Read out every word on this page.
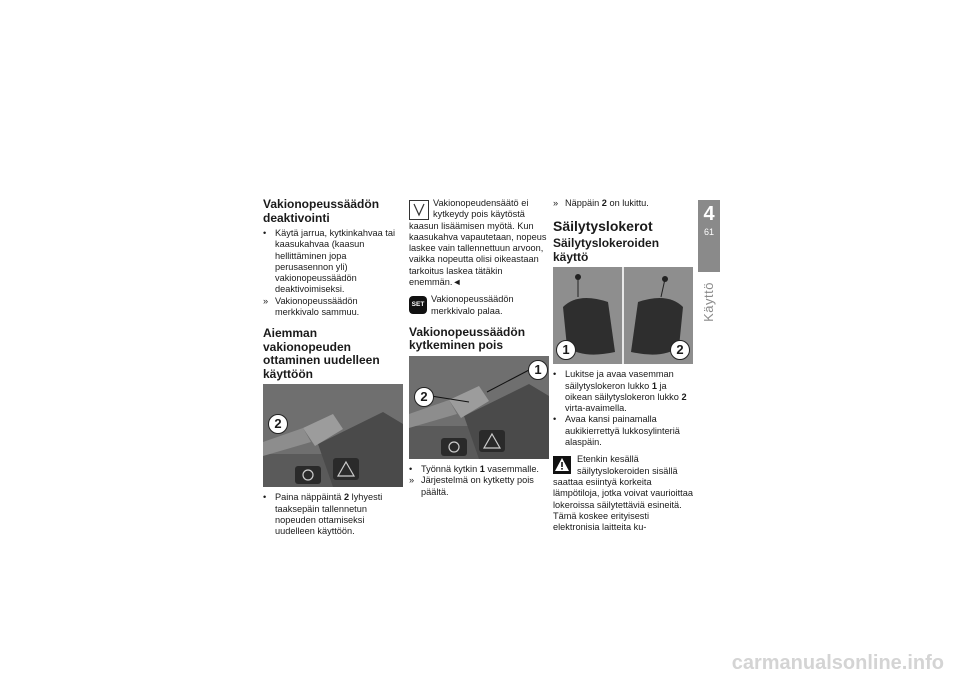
Vakionopeussäädön deaktivointi
• Käytä jarrua, kytkinkahvaa tai kaasukahvaa (kaasun hellittäminen jopa perusasennon yli) vakionopeussäädön deaktivoimiseksi.
» Vakionopeussäädön merkkivalo sammuu.
Aiemman vakionopeuden ottaminen uudelleen käyttöön
2
• Paina näppäintä 2 lyhyesti taaksepäin tallennetun nopeuden ottamiseksi uudelleen käyttöön.
Vakionopeudensäätö ei kytkeydy pois käytöstä kaasun lisäämisen myötä. Kun kaasukahva vapautetaan, nopeus laskee vain tallennettuun arvoon, vaikka nopeutta olisi oikeastaan tarkoitus laskea tätäkin enemmän.◄
SET
Vakionopeussäädön merkkivalo palaa.
Vakionopeussäädön kytkeminen pois
1
2
• Työnnä kytkin 1 vasemmalle.
» Järjestelmä on kytketty pois päältä.
» Näppäin 2 on lukittu.
Säilytyslokerot
Säilytyslokeroiden käyttö
1	2
• Lukitse ja avaa vasemman säilytyslokeron lukko 1 ja oikean säilytyslokeron lukko 2 virta-avaimella.
• Avaa kansi painamalla aukikierrettyä lukkosylinteriä alaspäin.
Etenkin kesällä säilytyslokeroiden sisällä saattaa esiintyä korkeita lämpötiloja, jotka voivat vaurioittaa lokeroissa säilytettäviä esineitä. Tämä koskee erityisesti elektronisia laitteita ku-
4
61
Käyttö
carmanualsonline.info
